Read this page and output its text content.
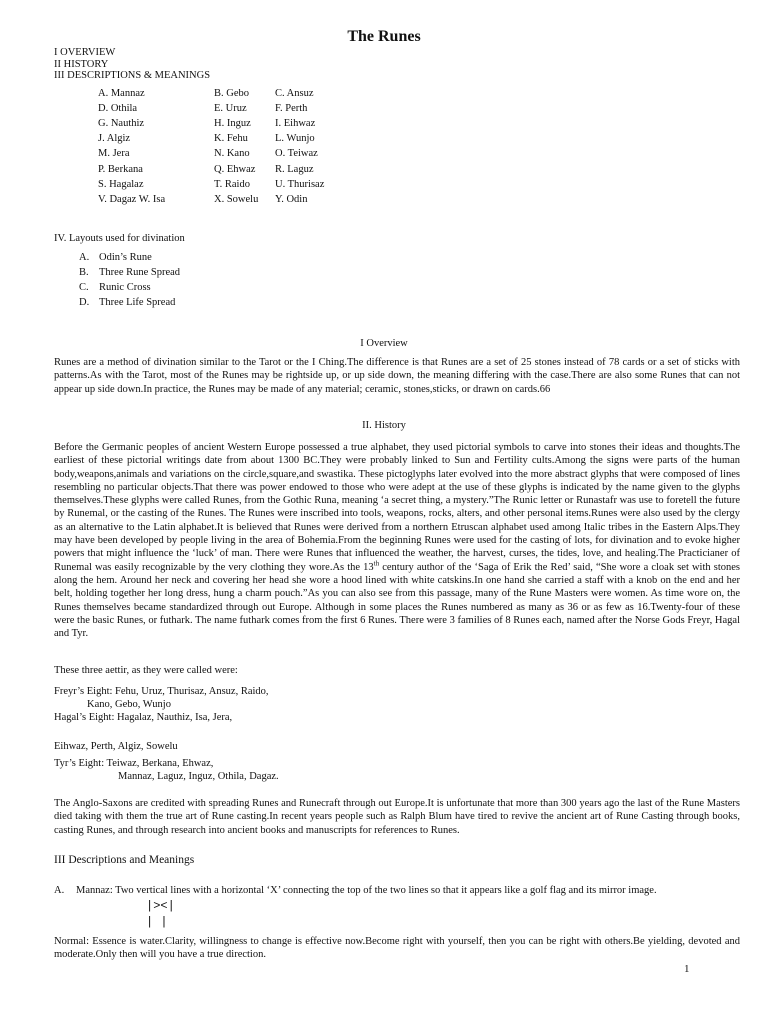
The Runes
I OVERVIEW
II HISTORY
III DESCRIPTIONS & MEANINGS
A. Mannaz	B. Gebo C. Ansuz
D. Othila	E. Uruz	F. Perth
G. Nauthiz	H. Inguz I. Eihwaz
J. Algiz	K. Fehu	L. Wunjo
M. Jera	N. Kano O. Teiwaz
P. Berkana	Q. Ehwaz R. Laguz
S. Hagalaz	T. Raido U. Thurisaz
V. Dagaz W. Isa	X. Sowelu Y. Odin
IV. Layouts used for divination
A. Odin’s Rune
B. Three Rune Spread
C. Runic Cross
D. Three Life Spread
I Overview
Runes are a method of divination similar to the Tarot or the I Ching.The difference is that Runes are a set of 25 stones instead of 78 cards or a set of sticks with patterns.As with the Tarot, most of the Runes may be rightside up, or up side down, the meaning differing with the case.There are also some Runes that can not appear up side down.In practice, the Runes may be made of any material; ceramic, stones,sticks, or drawn on cards.66
II. History
Before the Germanic peoples of ancient Western Europe possessed a true alphabet, they used pictorial symbols to carve into stones their ideas and thoughts.The earliest of these pictorial writings date from about 1300 BC.They were probably linked to Sun and Fertility cults.Among the signs were parts of the human body,weapons,animals and variations on the circle,square,and swastika. These pictoglyphs later evolved into the more abstract glyphs that were composed of lines resembling no particular objects.That there was power endowed to those who were adept at the use of these glyphs is indicated by the name given to the glyphs themselves.These glyphs were called Runes, from the Gothic Runa, meaning ‘a secret thing, a mystery.”The Runic letter or Runastafr was use to foretell the future by Runemal, or the casting of the Runes. The Runes were inscribed into tools, weapons, rocks, alters, and other personal items.Runes were also used by the clergy as an alternative to the Latin alphabet.It is believed that Runes were derived from a northern Etruscan alphabet used among Italic tribes in the Eastern Alps.They may have been developed by people living in the area of Bohemia.From the beginning Runes were used for the casting of lots, for divination and to evoke higher powers that might influence the ‘luck’ of man. There were Runes that influenced the weather, the harvest, curses, the tides, love, and healing.The Practicianer of Runemal was easily recognizable by the very clothing they wore.As the 13th century author of the ‘Saga of Erik the Red’ said, “She wore a cloak set with stones along the hem. Around her neck and covering her head she wore a hood lined with white catskins.In one hand she carried a staff with a knob on the end and her belt, holding together her long dress, hung a charm pouch.”As you can also see from this passage, many of the Rune Masters were women. As time wore on, the Runes themselves became standardized through out Europe. Although in some places the Runes numbered as many as 36 or as few as 16.Twenty-four of these were the basic Runes, or futhark. The name futhark comes from the first 6 Runes. There were 3 families of 8 Runes each, named after the Norse Gods Freyr, Hagal and Tyr.
These three aettir, as they were called were:
Freyr’s Eight: Fehu, Uruz, Thurisaz, Ansuz, Raido,
Kano, Gebo, Wunjo
Hagal’s Eight: Hagalaz, Nauthiz, Isa, Jera,
Eihwaz, Perth, Algiz, Sowelu
Tyr’s Eight: Teiwaz, Berkana, Ehwaz,
Mannaz, Laguz, Inguz, Othila, Dagaz.
The Anglo-Saxons are credited with spreading Runes and Runecraft through out Europe.It is unfortunate that more than 300 years ago the last of the Rune Masters died taking with them the true art of Rune casting.In recent years people such as Ralph Blum have tired to revive the ancient art of Rune Casting through books, casting Runes, and through research into ancient books and manuscripts for references to Runes.
III Descriptions and Meanings
A. Mannaz: Two vertical lines with a horizontal ‘X’ connecting the top of the two lines so that it appears like a golf flag and its mirror image.
|><|
| |
Normal: Essence is water.Clarity, willingness to change is effective now.Become right with yourself, then you can be right with others.Be yielding, devoted and moderate.Only then will you have a true direction.
1
